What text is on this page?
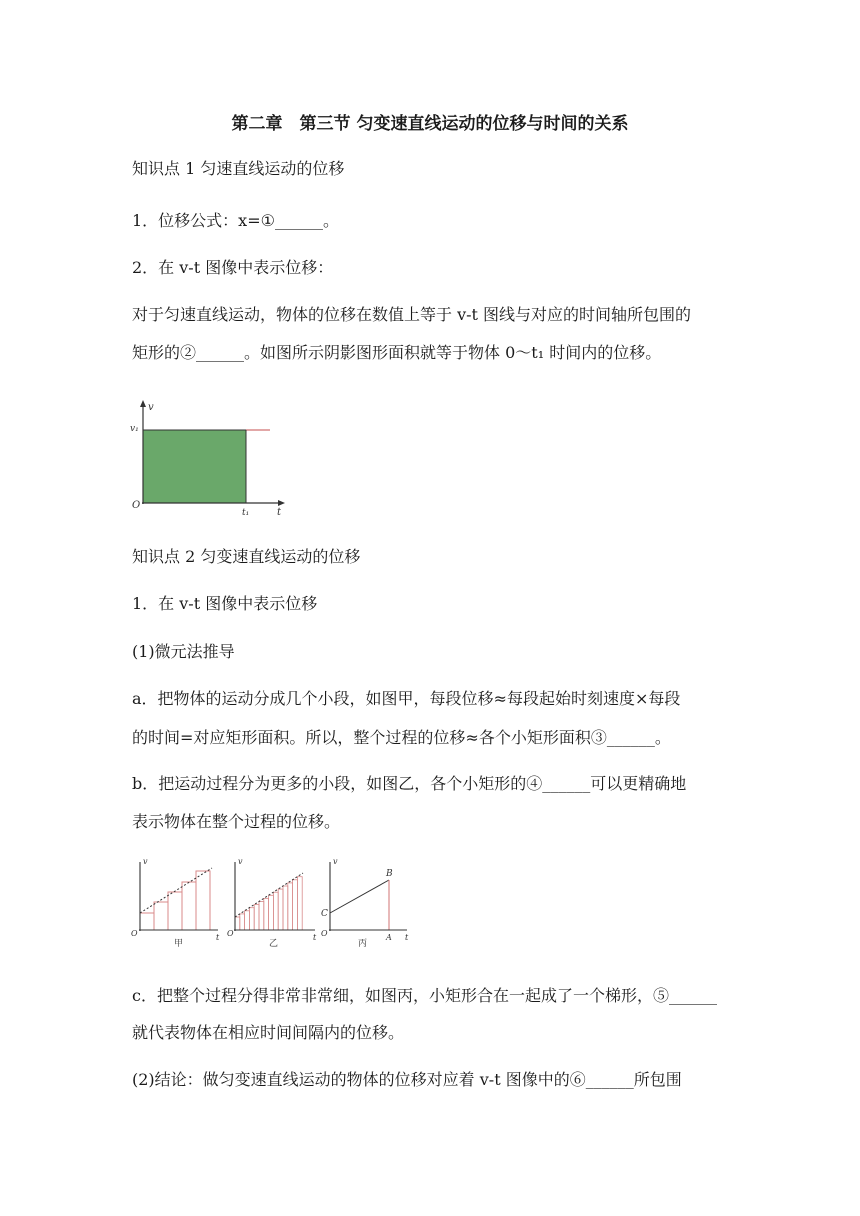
第二章　第三节 匀变速直线运动的位移与时间的关系
知识点 1 匀速直线运动的位移
1．位移公式：x=①______。
2．在 v-t 图像中表示位移：
对于匀速直线运动，物体的位移在数值上等于 v-t 图线与对应的时间轴所包围的
矩形的②______。如图所示阴影图形面积就等于物体 0～t₁ 时间内的位移。
v
t
O
v₁
t₁
知识点 2 匀变速直线运动的位移
1．在 v-t 图像中表示位移
(1)微元法推导
a．把物体的运动分成几个小段，如图甲，每段位移≈每段起始时刻速度×每段
的时间=对应矩形面积。所以，整个过程的位移≈各个小矩形面积③______。
b．把运动过程分为更多的小段，如图乙，各个小矩形的④______可以更精确地
表示物体在整个过程的位移。
v
t
O
甲
v
t
O
乙
v
t
O
B
C
A
丙
c．把整个过程分得非常非常细，如图丙，小矩形合在一起成了一个梯形，⑤______
就代表物体在相应时间间隔内的位移。
(2)结论：做匀变速直线运动的物体的位移对应着 v-t 图像中的⑥______所包围
